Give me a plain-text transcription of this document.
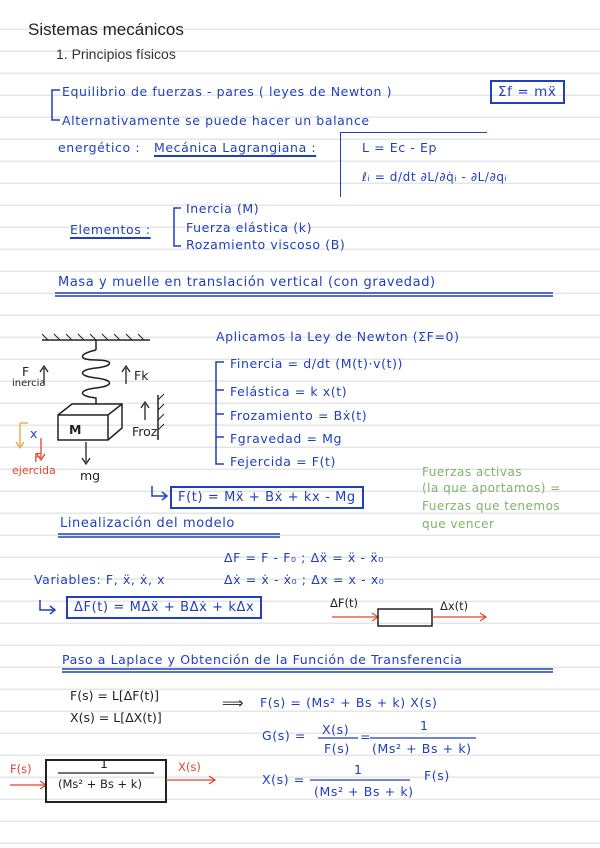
Sistemas mecánicos
1. Principios físicos
Equilibrio de fuerzas - pares ( leyes de Newton )	Σf = mẍ
Alternativamente se puede hacer un balance
energético : Mecánica Lagrangiana :	L = Ec - Ep
ℓᵢ = d/dt ∂L/∂q̇ᵢ - ∂L/∂qᵢ
Elementos :
Inercia (M)
Fuerza elástica (k)
Rozamiento viscoso (B)
Masa y muelle en translación vertical (con gravedad)
F
inercia
Fk
Froz
M
x
F
ejercida mg
Aplicamos la Ley de Newton (ΣF=0)
Finercia = d/dt (M(t)·v(t))
Felástica = k x(t)
Frozamiento = Bẋ(t)
Fgravedad = Mg
Fejercida = F(t)
F(t) = Mẍ + Bẋ + kx - Mg
Fuerzas activas
(la que aportamos) =
Fuerzas que tenemos
que vencer
Linealización del modelo
ΔF = F - F₀ ; Δẍ = ẍ - ẍ₀
Variables: F, ẍ, ẋ, x	Δẋ = ẋ - ẋ₀ ; Δx = x - x₀
ΔF(t) = MΔẍ + BΔẋ + kΔx	ΔF(t)	Δx(t)
Paso a Laplace y Obtención de la Función de Transferencia
F(s) = L[ΔF(t)]
X(s) = L[ΔX(t)]
⟹ F(s) = (Ms² + Bs + k) X(s)
G(s) = X(s)
F(s)
=
1
(Ms² + Bs + k)
X(s) =
1
(Ms² + Bs + k)
F(s)
F(s)	1
(Ms² + Bs + k)
X(s)
